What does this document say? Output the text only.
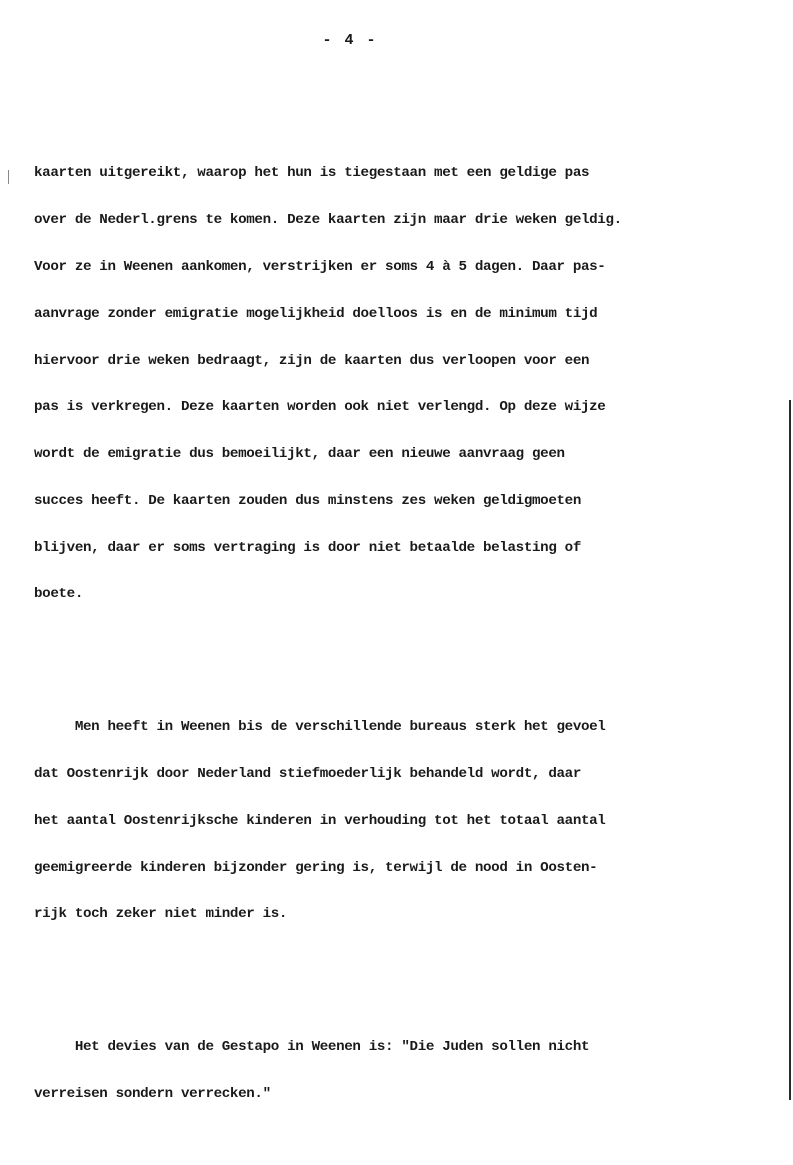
- 4 -

kaarten uitgereikt, waarop het hun is tiegestaan met een geldige pas

over de Nederl.grens te komen. Deze kaarten zijn maar drie weken geldig.

Voor ze in Weenen aankomen, verstrijken er soms 4 à 5 dagen. Daar pas-

aanvrage zonder emigratie mogelijkheid doelloos is en de minimum tijd

hiervoor drie weken bedraagt, zijn de kaarten dus verloopen voor een

pas is verkregen. Deze kaarten worden ook niet verlengd. Op deze wijze

wordt de emigratie dus bemoeilijkt, daar een nieuwe aanvraag geen

succes heeft. De kaarten zouden dus minstens zes weken geldigmoeten

blijven, daar er soms vertraging is door niet betaalde belasting of

boete.

Men heeft in Weenen bis de verschillende bureaus sterk het gevoel

dat Oostenrijk door Nederland stiefmoederlijk behandeld wordt, daar

het aantal Oostenrijksche kinderen in verhouding tot het totaal aantal

geemigreerde kinderen bijzonder gering is, terwijl de nood in Oosten-

rijk toch zeker niet minder is.

Het devies van de Gestapo in Weenen is: "Die Juden sollen nicht

verreisen sondern verrecken."
